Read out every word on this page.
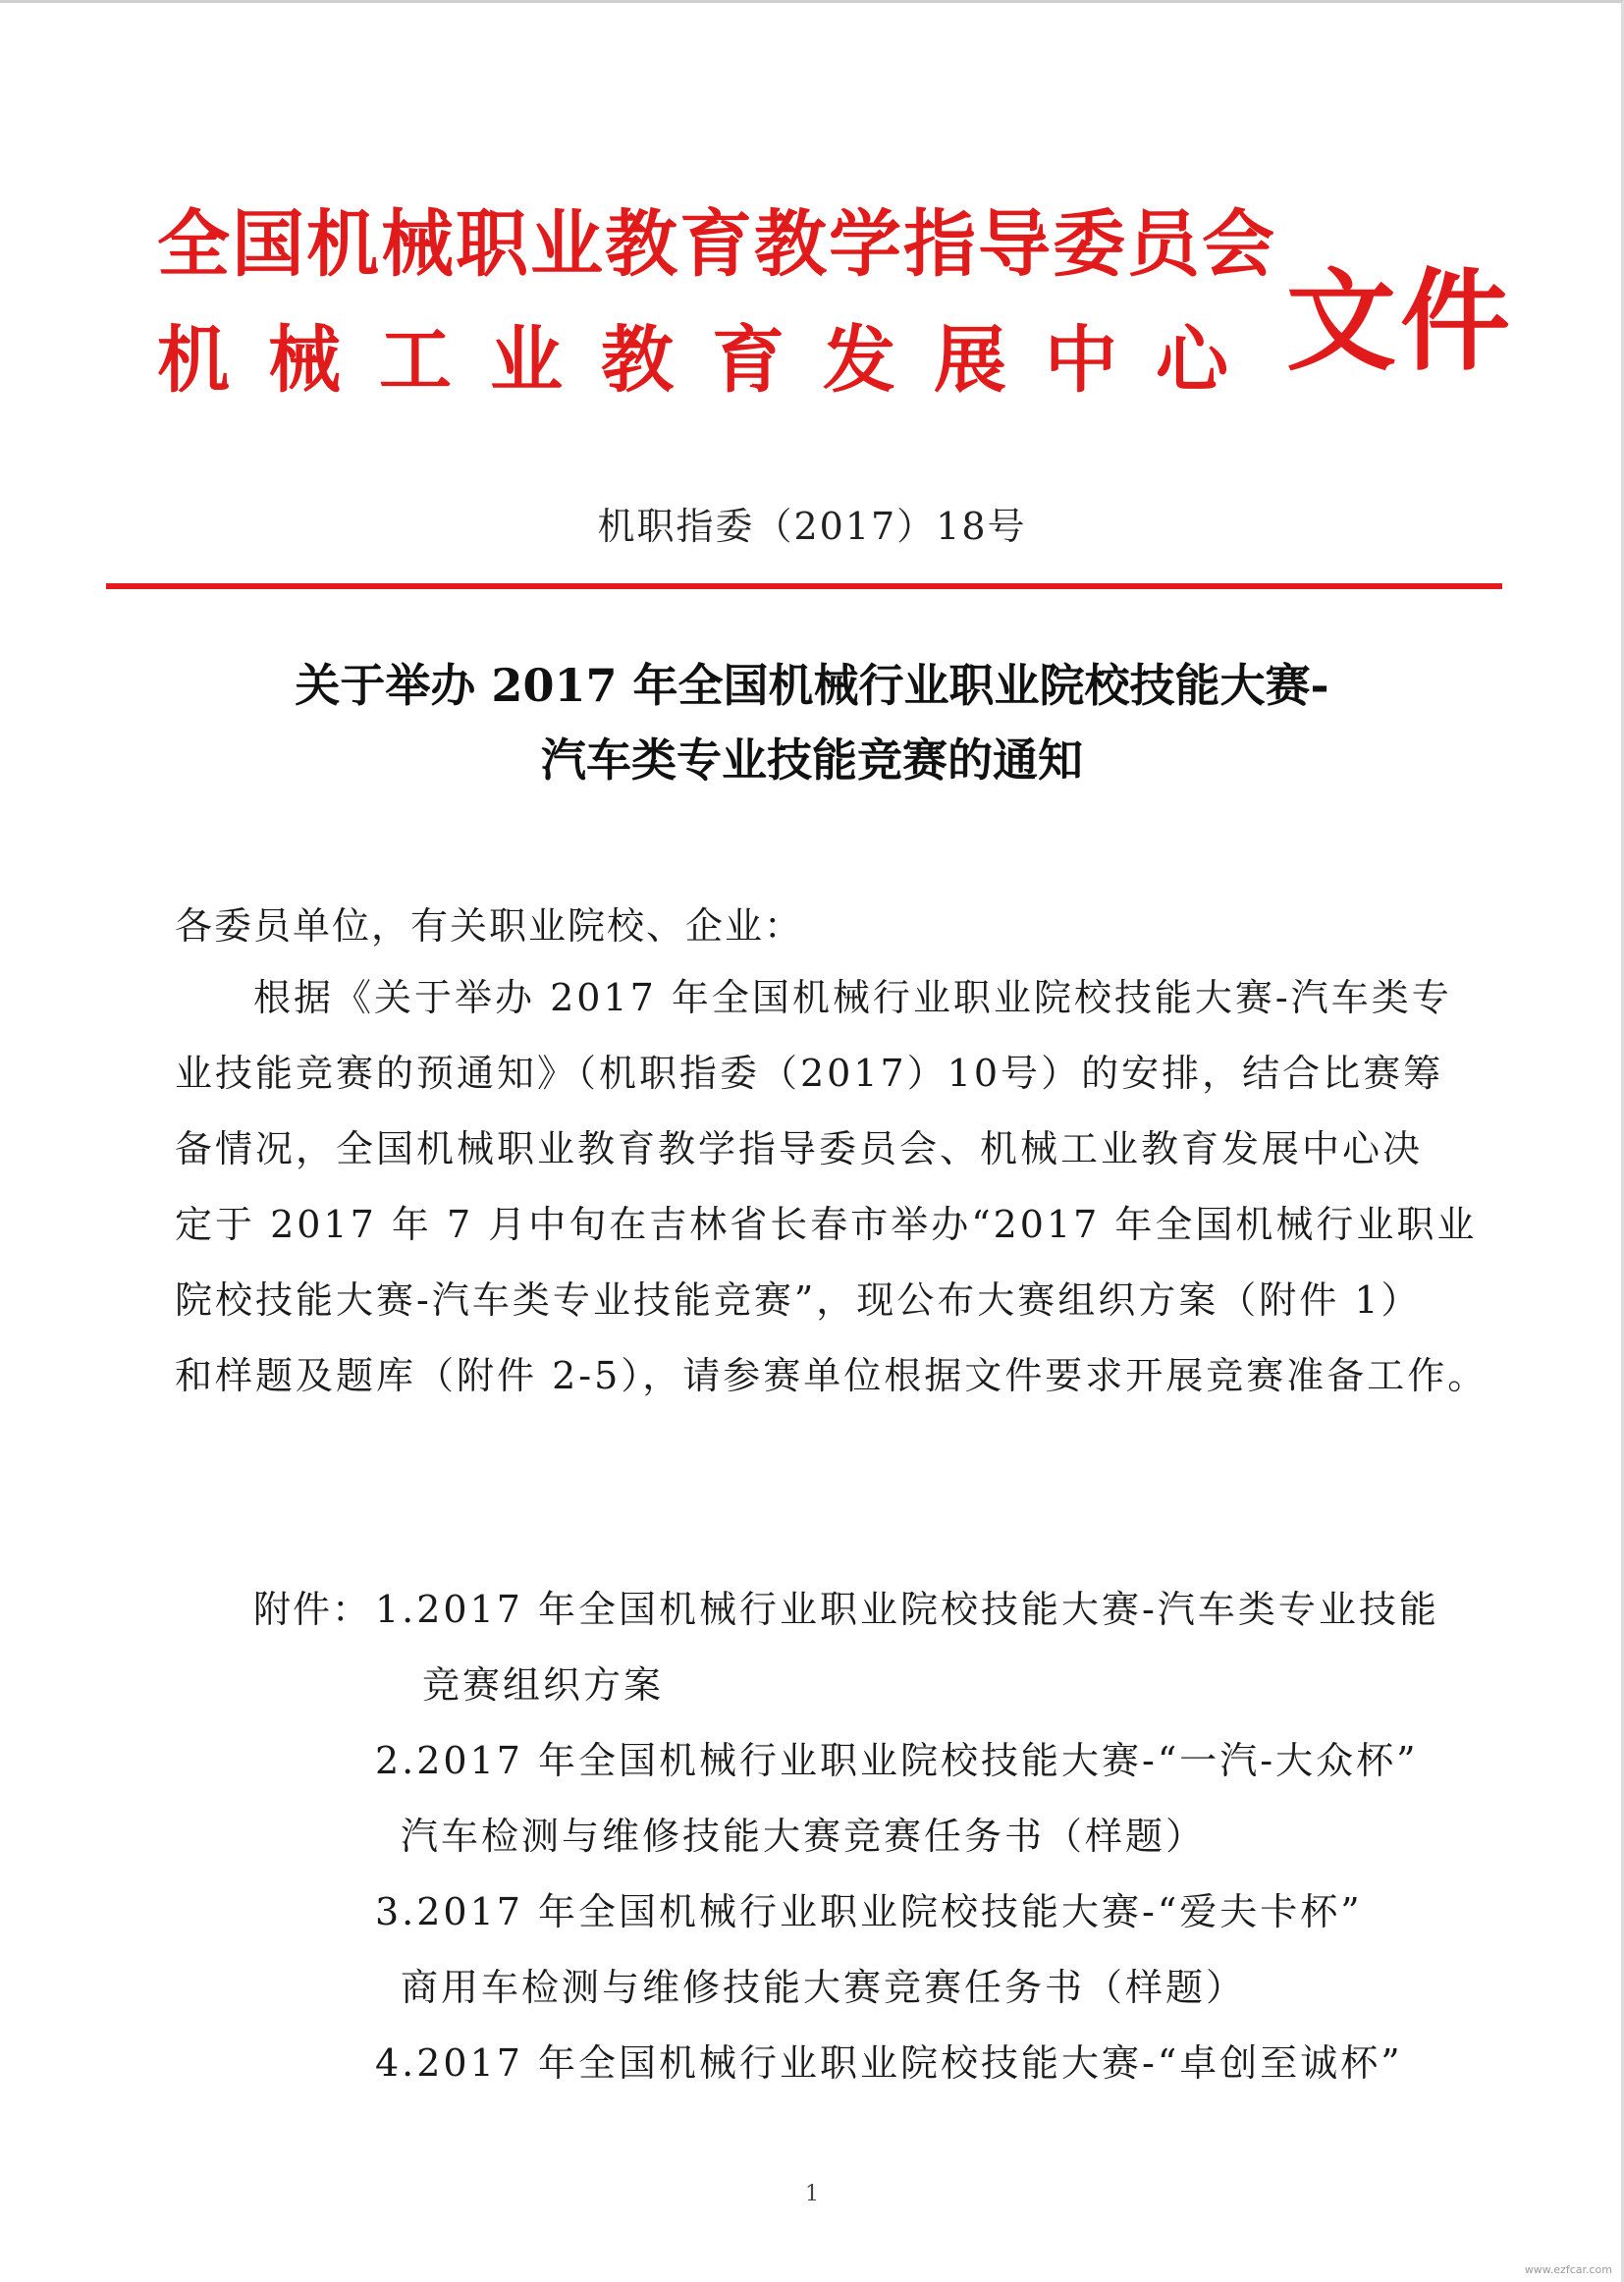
全国机械职业教育教学指导委员会
机械工业教育发展中心 文件
机职指委（2017）18号
关于举办 2017 年全国机械行业职业院校技能大赛-
汽车类专业技能竞赛的通知
各委员单位，有关职业院校、企业：
根据《关于举办 2017 年全国机械行业职业院校技能大赛-汽车类专
业技能竞赛的预通知》（机职指委（2017）10号）的安排，结合比赛筹
备情况，全国机械职业教育教学指导委员会、机械工业教育发展中心决
定于 2017 年 7 月中旬在吉林省长春市举办“2017 年全国机械行业职业
院校技能大赛-汽车类专业技能竞赛”，现公布大赛组织方案（附件 1）
和样题及题库（附件 2-5），请参赛单位根据文件要求开展竞赛准备工作。
附件： 1.2017 年全国机械行业职业院校技能大赛-汽车类专业技能
竞赛组织方案
2.2017 年全国机械行业职业院校技能大赛-“一汽-大众杯”
汽车检测与维修技能大赛竞赛任务书（样题）
3.2017 年全国机械行业职业院校技能大赛-“爱夫卡杯”
商用车检测与维修技能大赛竞赛任务书（样题）
4.2017 年全国机械行业职业院校技能大赛-“卓创至诚杯”
1
www.ezfcar.com
